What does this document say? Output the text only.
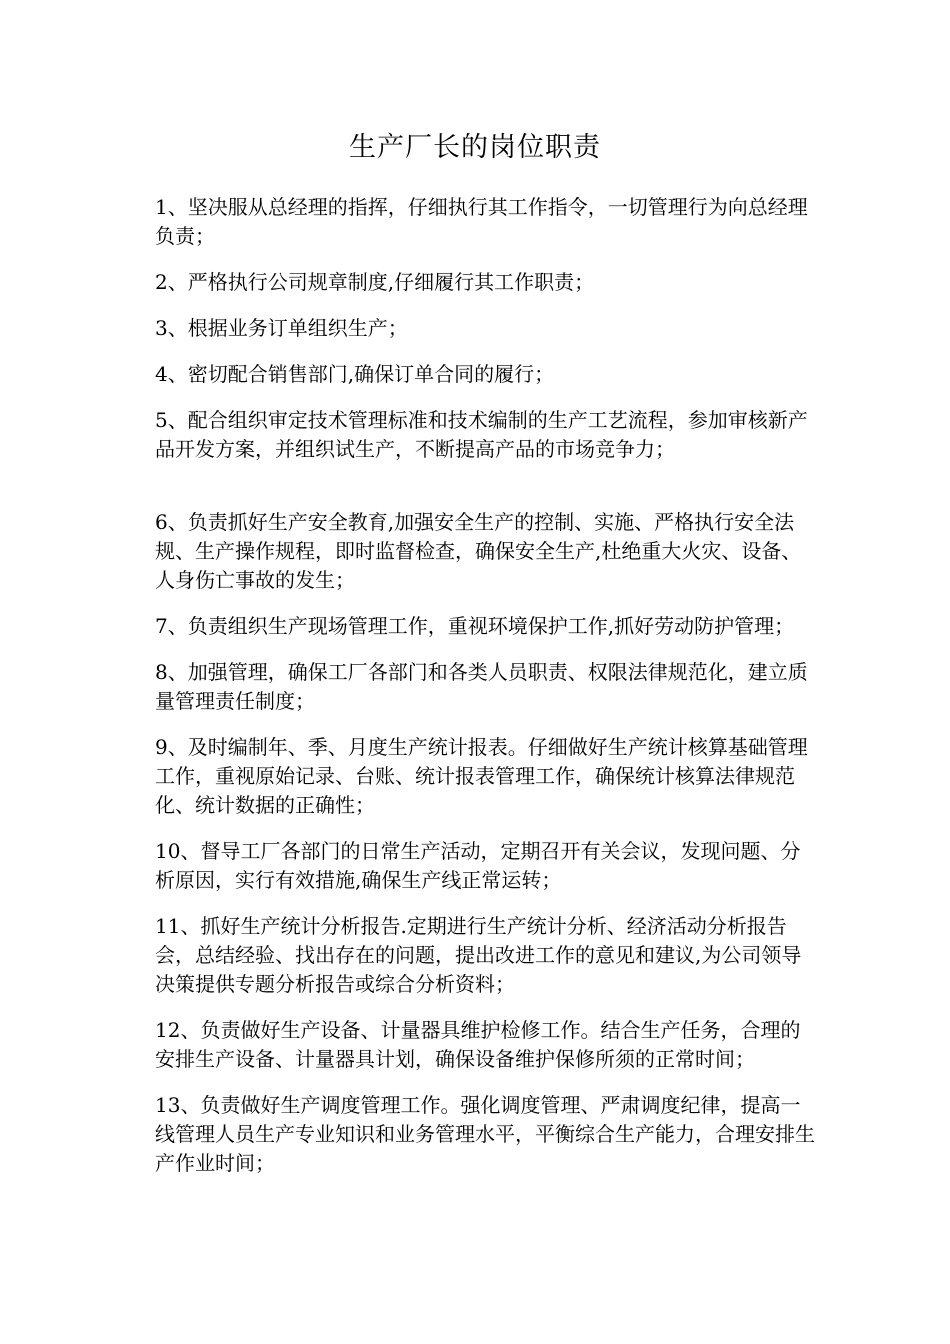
生产厂长的岗位职责

1、坚决服从总经理的指挥，仔细执行其工作指令，一切管理行为向总经理负责；

2、严格执行公司规章制度,仔细履行其工作职责；

3、根据业务订单组织生产；

4、密切配合销售部门,确保订单合同的履行；

5、配合组织审定技术管理标准和技术编制的生产工艺流程，参加审核新产品开发方案，并组织试生产，不断提高产品的市场竞争力；

6、负责抓好生产安全教育,加强安全生产的控制、实施、严格执行安全法规、生产操作规程，即时监督检查，确保安全生产,杜绝重大火灾、设备、人身伤亡事故的发生；

7、负责组织生产现场管理工作，重视环境保护工作,抓好劳动防护管理；

8、加强管理，确保工厂各部门和各类人员职责、权限法律规范化，建立质量管理责任制度；

9、及时编制年、季、月度生产统计报表。仔细做好生产统计核算基础管理工作，重视原始记录、台账、统计报表管理工作，确保统计核算法律规范化、统计数据的正确性；

10、督导工厂各部门的日常生产活动，定期召开有关会议，发现问题、分析原因，实行有效措施,确保生产线正常运转；

11、抓好生产统计分析报告.定期进行生产统计分析、经济活动分析报告会，总结经验、找出存在的问题，提出改进工作的意见和建议,为公司领导决策提供专题分析报告或综合分析资料；

12、负责做好生产设备、计量器具维护检修工作。结合生产任务，合理的安排生产设备、计量器具计划，确保设备维护保修所须的正常时间；

13、负责做好生产调度管理工作。强化调度管理、严肃调度纪律，提高一线管理人员生产专业知识和业务管理水平，平衡综合生产能力，合理安排生产作业时间；
